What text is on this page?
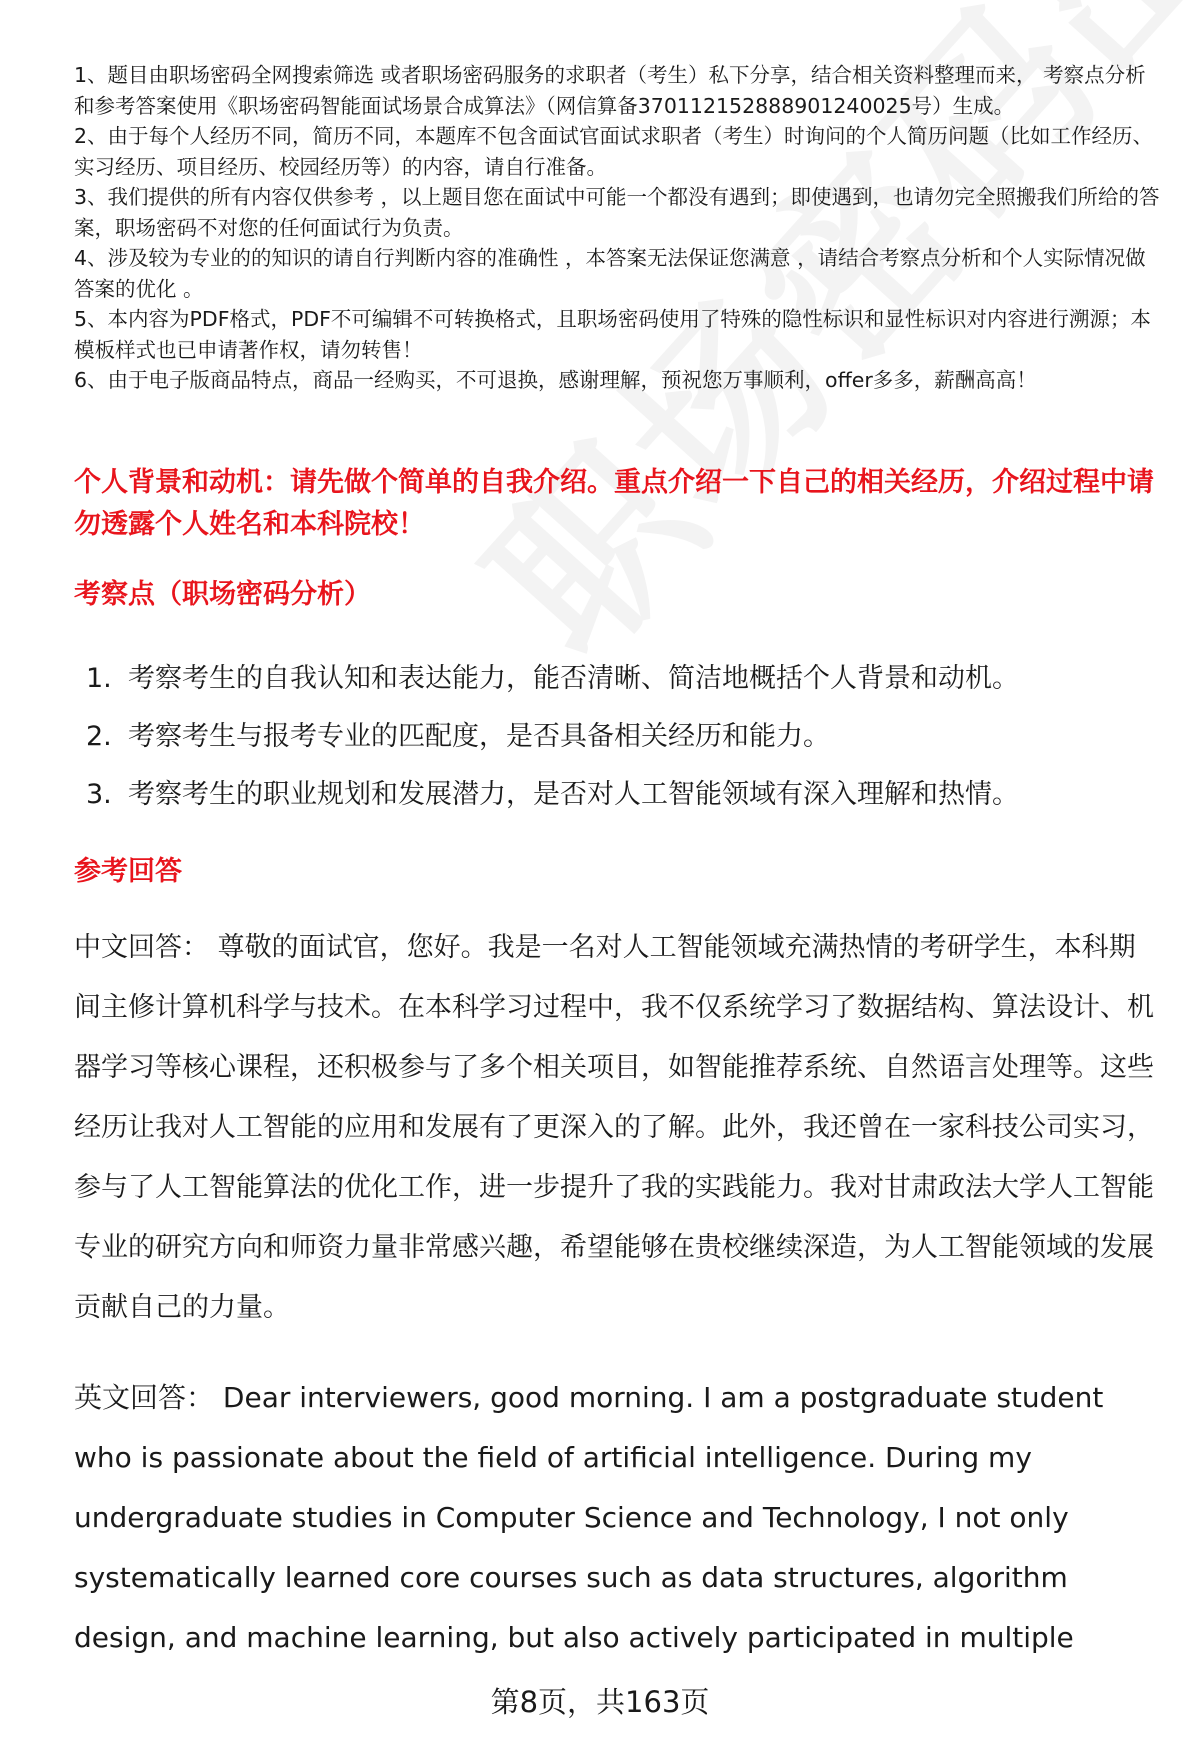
1、题目由职场密码全网搜索筛选 或者职场密码服务的求职者（考生）私下分享，结合相关资料整理而来， 考察点分析和参考答案使用《职场密码智能面试场景合成算法》（网信算备370112152888901240025号）生成。

2、由于每个人经历不同，简历不同，本题库不包含面试官面试求职者（考生）时询问的个人简历问题（比如工作经历、实习经历、项目经历、校园经历等）的内容，请自行准备。

3、我们提供的所有内容仅供参考 ，以上题目您在面试中可能一个都没有遇到；即使遇到，也请勿完全照搬我们所给的答案，职场密码不对您的任何面试行为负责。

4、涉及较为专业的的知识的请自行判断内容的准确性 ，本答案无法保证您满意 ，请结合考察点分析和个人实际情况做答案的优化 。

5、本内容为PDF格式，PDF不可编辑不可转换格式，且职场密码使用了特殊的隐性标识和显性标识对内容进行溯源；本模板样式也已申请著作权，请勿转售！

6、由于电子版商品特点，商品一经购买，不可退换，感谢理解，预祝您万事顺利，offer多多，薪酬高高！

个人背景和动机：请先做个简单的自我介绍。重点介绍一下自己的相关经历，介绍过程中请勿透露个人姓名和本科院校！
考察点（职场密码分析）
1. 考察考生的自我认知和表达能力，能否清晰、简洁地概括个人背景和动机。
2. 考察考生与报考专业的匹配度，是否具备相关经历和能力。
3. 考察考生的职业规划和发展潜力，是否对人工智能领域有深入理解和热情。
参考回答

中文回答： 尊敬的面试官，您好。我是一名对人工智能领域充满热情的考研学生，本科期间主修计算机科学与技术。在本科学习过程中，我不仅系统学习了数据结构、算法设计、机器学习等核心课程，还积极参与了多个相关项目，如智能推荐系统、自然语言处理等。这些经历让我对人工智能的应用和发展有了更深入的了解。此外，我还曾在一家科技公司实习，参与了人工智能算法的优化工作，进一步提升了我的实践能力。我对甘肃政法大学人工智能专业的研究方向和师资力量非常感兴趣，希望能够在贵校继续深造，为人工智能领域的发展贡献自己的力量。

英文回答： Dear interviewers, good morning. I am a postgraduate student who is passionate about the field of artificial intelligence. During my undergraduate studies in Computer Science and Technology, I not only systematically learned core courses such as data structures, algorithm design, and machine learning, but also actively participated in multiple

第8页，共163页
